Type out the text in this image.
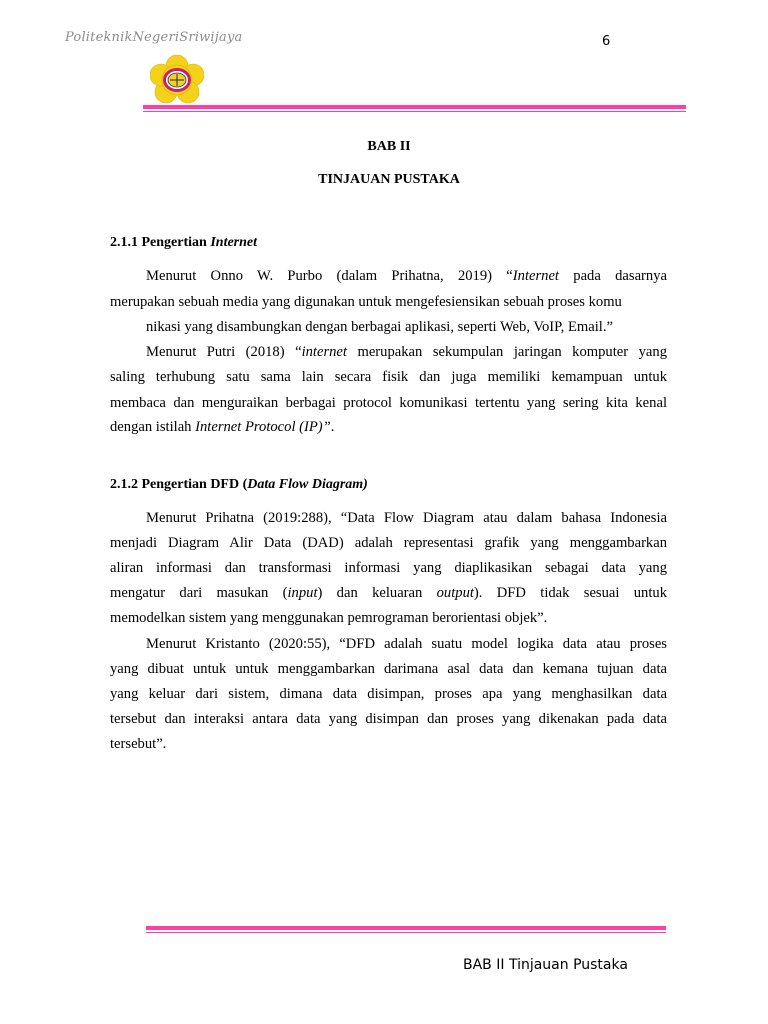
PoliteknikNegeriSriwijaya	6
BAB II
TINJAUAN PUSTAKA
2.1.1 Pengertian Internet
Menurut Onno W. Purbo (dalam Prihatna, 2019) “Internet pada dasarnya
merupakan sebuah media yang digunakan untuk mengefesiensikan sebuah proses komu
nikasi yang disambungkan dengan berbagai aplikasi, seperti Web, VoIP, Email.”
Menurut Putri (2018) “internet merupakan sekumpulan jaringan komputer yang
saling terhubung satu sama lain secara fisik dan juga memiliki kemampuan untuk
membaca dan menguraikan berbagai protocol komunikasi tertentu yang sering kita kenal
dengan istilah Internet Protocol (IP)”.
2.1.2 Pengertian DFD (Data Flow Diagram)
Menurut Prihatna (2019:288), “Data Flow Diagram atau dalam bahasa Indonesia
menjadi Diagram Alir Data (DAD) adalah representasi grafik yang menggambarkan
aliran informasi dan transformasi informasi yang diaplikasikan sebagai data yang
mengatur dari masukan (input) dan keluaran output). DFD tidak sesuai untuk
memodelkan sistem yang menggunakan pemrograman berorientasi objek”.
Menurut Kristanto (2020:55), “DFD adalah suatu model logika data atau proses
yang dibuat untuk untuk menggambarkan darimana asal data dan kemana tujuan data
yang keluar dari sistem, dimana data disimpan, proses apa yang menghasilkan data
tersebut dan interaksi antara data yang disimpan dan proses yang dikenakan pada data
tersebut”.
BAB II Tinjauan Pustaka
